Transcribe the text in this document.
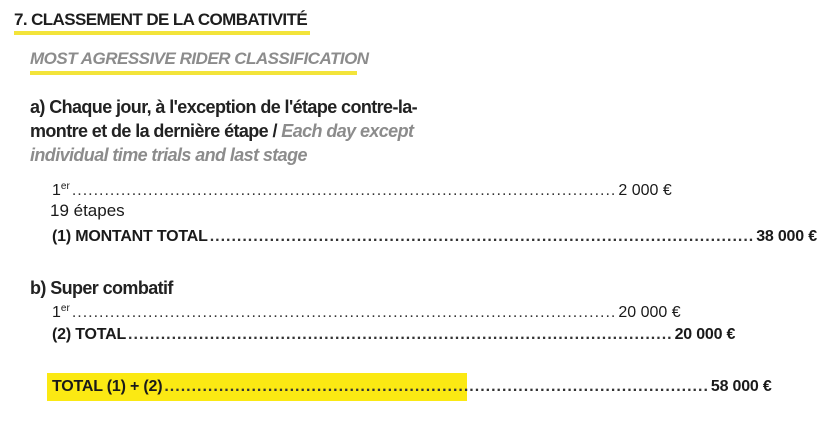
7. CLASSEMENT DE LA COMBATIVITÉ
MOST AGRESSIVE RIDER CLASSIFICATION
a) Chaque jour, à l'exception de l'étape contre-la-montre et de la dernière étape / Each day except individual time trials and last stage
1er .................................................................................................... 2 000 €
19 étapes
(1) MONTANT TOTAL .................................................................................................... 38 000 €
b) Super combatif
1er .................................................................................................... 20 000 €
(2) TOTAL .................................................................................................... 20 000 €
TOTAL (1) + (2) .................................................................................................... 58 000 €
